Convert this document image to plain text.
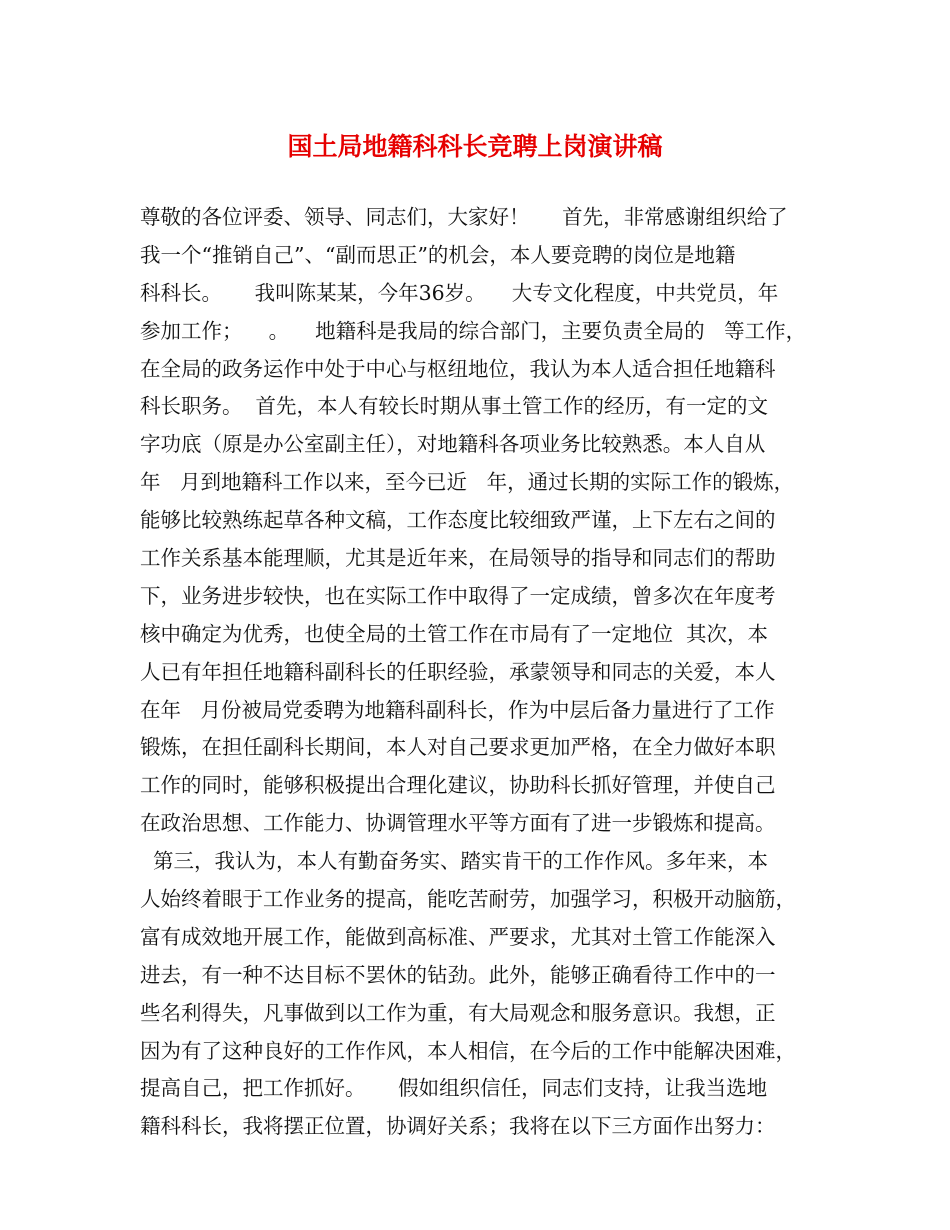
国土局地籍科科长竞聘上岗演讲稿
尊敬的各位评委、领导、同志们，大家好！     首先，非常感谢组织给了
我一个“推销自己”、“副而思正”的机会，本人要竞聘的岗位是地籍
科科长。     我叫陈某某，今年36岁。    大专文化程度，中共党员，年
参加工作；    。    地籍科是我局的综合部门，主要负责全局的   等工作，
在全局的政务运作中处于中心与枢纽地位，我认为本人适合担任地籍科
科长职务。  首先，本人有较长时期从事土管工作的经历，有一定的文
字功底（原是办公室副主任），对地籍科各项业务比较熟悉。本人自从
年   月到地籍科工作以来，至今已近   年，通过长期的实际工作的锻炼，
能够比较熟练起草各种文稿，工作态度比较细致严谨，上下左右之间的
工作关系基本能理顺，尤其是近年来，在局领导的指导和同志们的帮助
下，业务进步较快，也在实际工作中取得了一定成绩，曾多次在年度考
核中确定为优秀，也使全局的土管工作在市局有了一定地位  其次，本
人已有年担任地籍科副科长的任职经验，承蒙领导和同志的关爱，本人
在年   月份被局党委聘为地籍科副科长，作为中层后备力量进行了工作
锻炼，在担任副科长期间，本人对自己要求更加严格，在全力做好本职
工作的同时，能够积极提出合理化建议，协助科长抓好管理，并使自己
在政治思想、工作能力、协调管理水平等方面有了进一步锻炼和提高。
第三，我认为，本人有勤奋务实、踏实肯干的工作作风。多年来，本
人始终着眼于工作业务的提高，能吃苦耐劳，加强学习，积极开动脑筋，
富有成效地开展工作，能做到高标准、严要求，尤其对土管工作能深入
进去，有一种不达目标不罢休的钻劲。此外，能够正确看待工作中的一
些名利得失，凡事做到以工作为重，有大局观念和服务意识。我想，正
因为有了这种良好的工作作风，本人相信，在今后的工作中能解决困难，
提高自己，把工作抓好。     假如组织信任，同志们支持，让我当选地
籍科科长，我将摆正位置，协调好关系；我将在以下三方面作出努力：
